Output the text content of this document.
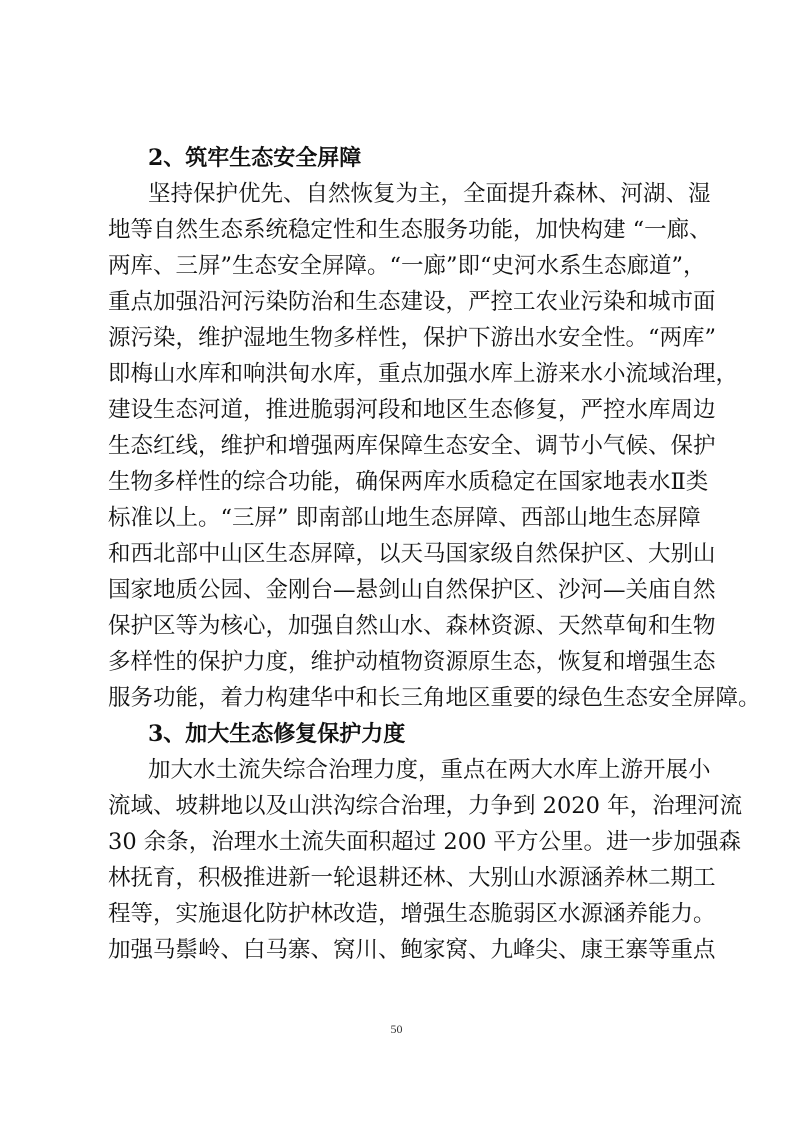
2、筑牢生态安全屏障
坚持保护优先、自然恢复为主，全面提升森林、河湖、湿
地等自然生态系统稳定性和生态服务功能，加快构建 “一廊、
两库、三屏”生态安全屏障。“一廊”即“史河水系生态廊道”，
重点加强沿河污染防治和生态建设，严控工农业污染和城市面
源污染，维护湿地生物多样性，保护下游出水安全性。“两库”
即梅山水库和响洪甸水库，重点加强水库上游来水小流域治理，
建设生态河道，推进脆弱河段和地区生态修复，严控水库周边
生态红线，维护和增强两库保障生态安全、调节小气候、保护
生物多样性的综合功能，确保两库水质稳定在国家地表水Ⅱ类
标准以上。“三屏” 即南部山地生态屏障、西部山地生态屏障
和西北部中山区生态屏障，以天马国家级自然保护区、大别山
国家地质公园、金刚台—悬剑山自然保护区、沙河—关庙自然
保护区等为核心，加强自然山水、森林资源、天然草甸和生物
多样性的保护力度，维护动植物资源原生态，恢复和增强生态
服务功能，着力构建华中和长三角地区重要的绿色生态安全屏障。
3、加大生态修复保护力度
加大水土流失综合治理力度，重点在两大水库上游开展小
流域、坡耕地以及山洪沟综合治理，力争到 2020 年，治理河流
30 余条，治理水土流失面积超过 200 平方公里。进一步加强森
林抚育，积极推进新一轮退耕还林、大别山水源涵养林二期工
程等，实施退化防护林改造，增强生态脆弱区水源涵养能力。
加强马鬃岭、白马寨、窝川、鲍家窝、九峰尖、康王寨等重点
50
